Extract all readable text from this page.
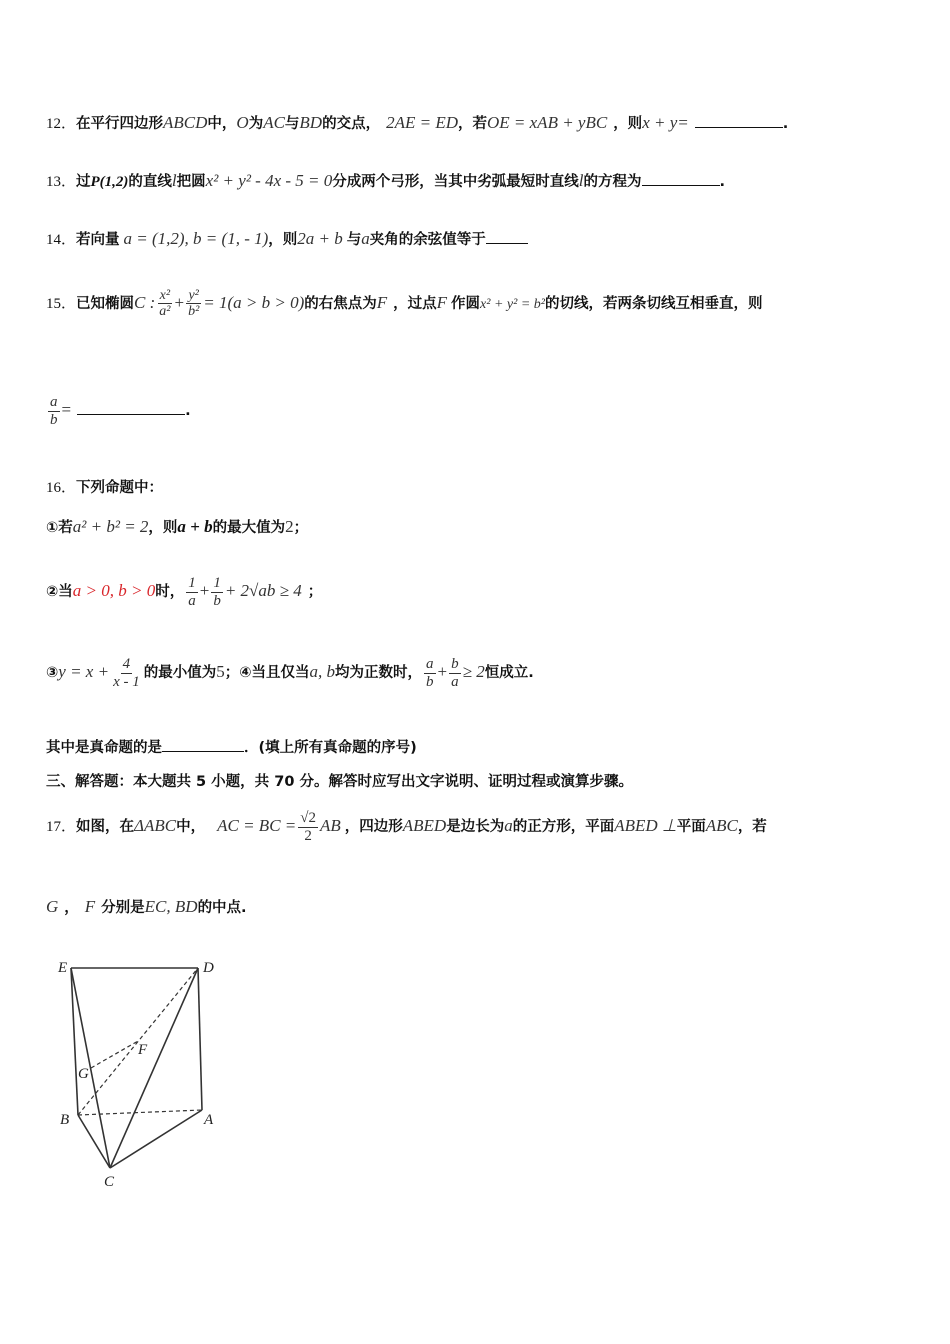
12．在平行四边形ABCD中，O为AC与BD的交点， 2AE = ED，若OE = xAB + yBC ，则x + y=	.
13．过P(1,2)的直线l把圆x² + y² - 4x - 5 = 0分成两个弓形，当其中劣弧最短时直线l的方程为	.
14．若向量 a = (1,2), b = (1, - 1)，则2a + b 与a夹角的余弦值等于
15．已知椭圆C : $\frac{\text{x²}}{\text{a²}} + \frac{\text{y²}}{\text{b²}} = 1(a > b > 0)$的右焦点为F ，过点F 作圆x² + y² = b²的切线，若两条切线互相垂直，则
$\frac{a}{b}$ =	.
16．下列命题中：
①若a² + b² = 2，则a + b的最大值为2；
②当a > 0, b > 0时， $\frac{1}{a} + \frac{1}{b} + 2√ab \ge 4$ ；
③y = $x + \frac{4}{x - 1}$ 的最小值为5；④当且仅当a, b均为正数时， $\frac{a}{b} + \frac{b}{a} \ge 2$恒成立.
其中是真命题的是	．(填上所有真命题的序号)
三、解答题：本大题共 5 小题，共 70 分。解答时应写出文字说明、证明过程或演算步骤。
17．如图，在ΔABC中， AC = BC = $\frac{√2}{2}$ AB ，四边形ABED是边长为a的正方形，平面ABED ⊥平面ABC，若
G ， F 分别是EC, BD的中点.
E	D
F
G
B	A
C
